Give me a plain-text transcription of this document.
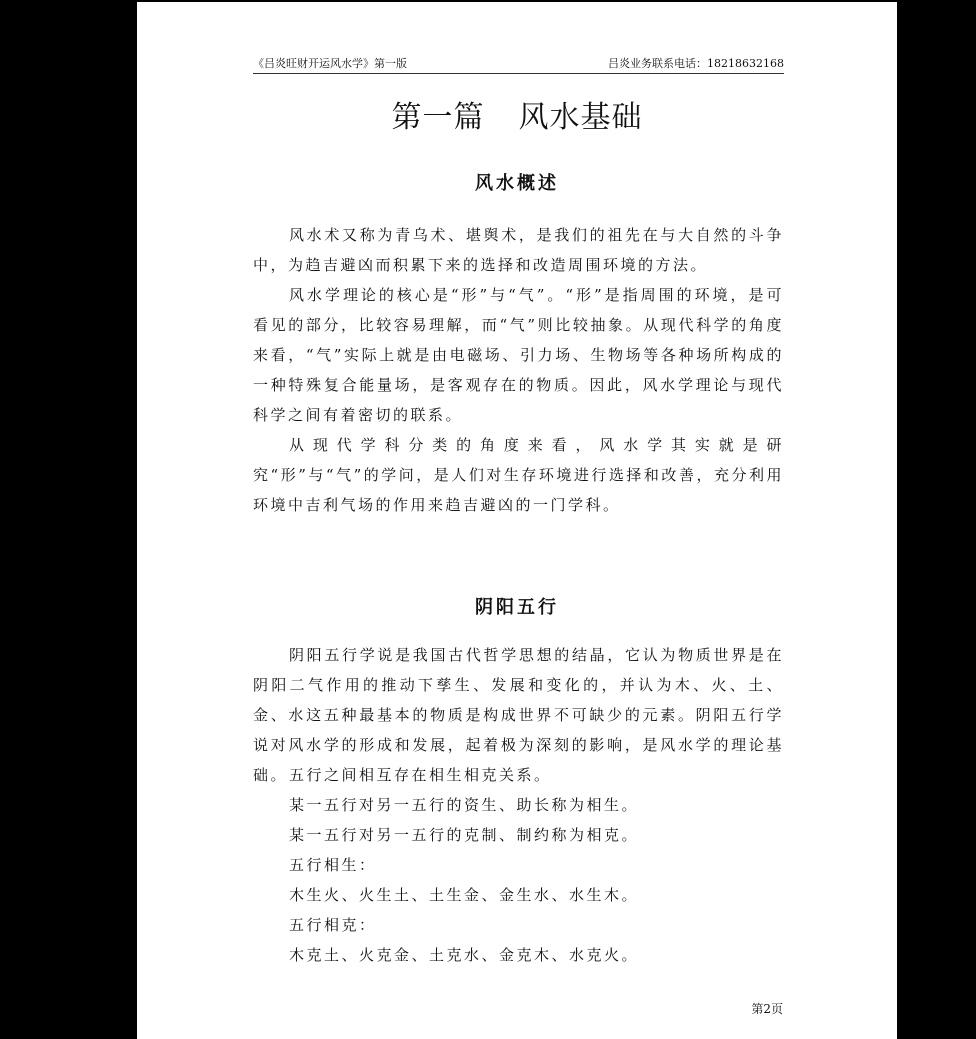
《吕炎旺财开运风水学》第一版	吕炎业务联系电话：18218632168
第一篇 风水基础
风水概述

风水术又称为青乌术、堪舆术，是我们的祖先在与大自然的斗争中，为趋吉避凶而积累下来的选择和改造周围环境的方法。

风水学理论的核心是“形”与“气”。“形”是指周围的环境，是可看见的部分，比较容易理解，而“气”则比较抽象。从现代科学的角度来看，“气”实际上就是由电磁场、引力场、生物场等各种场所构成的一种特殊复合能量场，是客观存在的物质。因此，风水学理论与现代科学之间有着密切的联系。

从现代学科分类的角度来看，风水学其实就是研究“形”与“气”的学问，是人们对生存环境进行选择和改善，充分利用环境中吉利气场的作用来趋吉避凶的一门学科。

阴阳五行

阴阳五行学说是我国古代哲学思想的结晶，它认为物质世界是在阴阳二气作用的推动下孳生、发展和变化的，并认为木、火、土、金、水这五种最基本的物质是构成世界不可缺少的元素。阴阳五行学说对风水学的形成和发展，起着极为深刻的影响，是风水学的理论基础。 五行之间相互存在相生相克关系。
某一五行对另一五行的资生、助长称为相生。
某一五行对另一五行的克制、制约称为相克。
五行相生：
木生火、火生土、土生金、金生水、水生木。
五行相克：
木克土、火克金、土克水、金克木、水克火。
第2页
